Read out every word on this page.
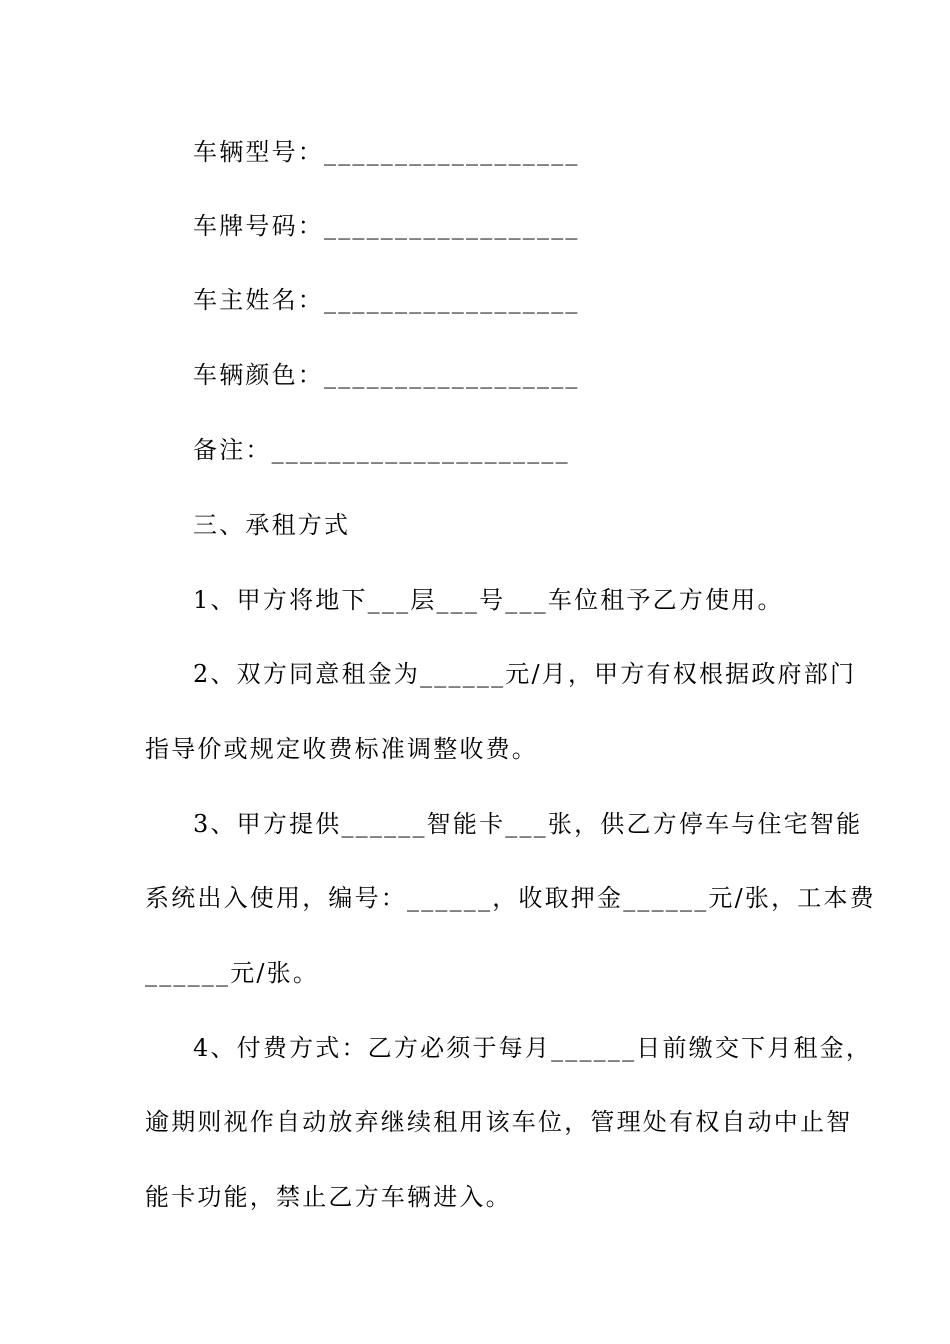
车辆型号：__________________
车牌号码：__________________
车主姓名：__________________
车辆颜色：__________________
备注：_____________________
三、承租方式
1、甲方将地下___层___号___车位租予乙方使用。
2、双方同意租金为______元/月，甲方有权根据政府部门
指导价或规定收费标准调整收费。
3、甲方提供______智能卡___张，供乙方停车与住宅智能
系统出入使用，编号：______，收取押金______元/张，工本费
______元/张。
4、付费方式：乙方必须于每月______日前缴交下月租金，
逾期则视作自动放弃继续租用该车位，管理处有权自动中止智
能卡功能，禁止乙方车辆进入。
